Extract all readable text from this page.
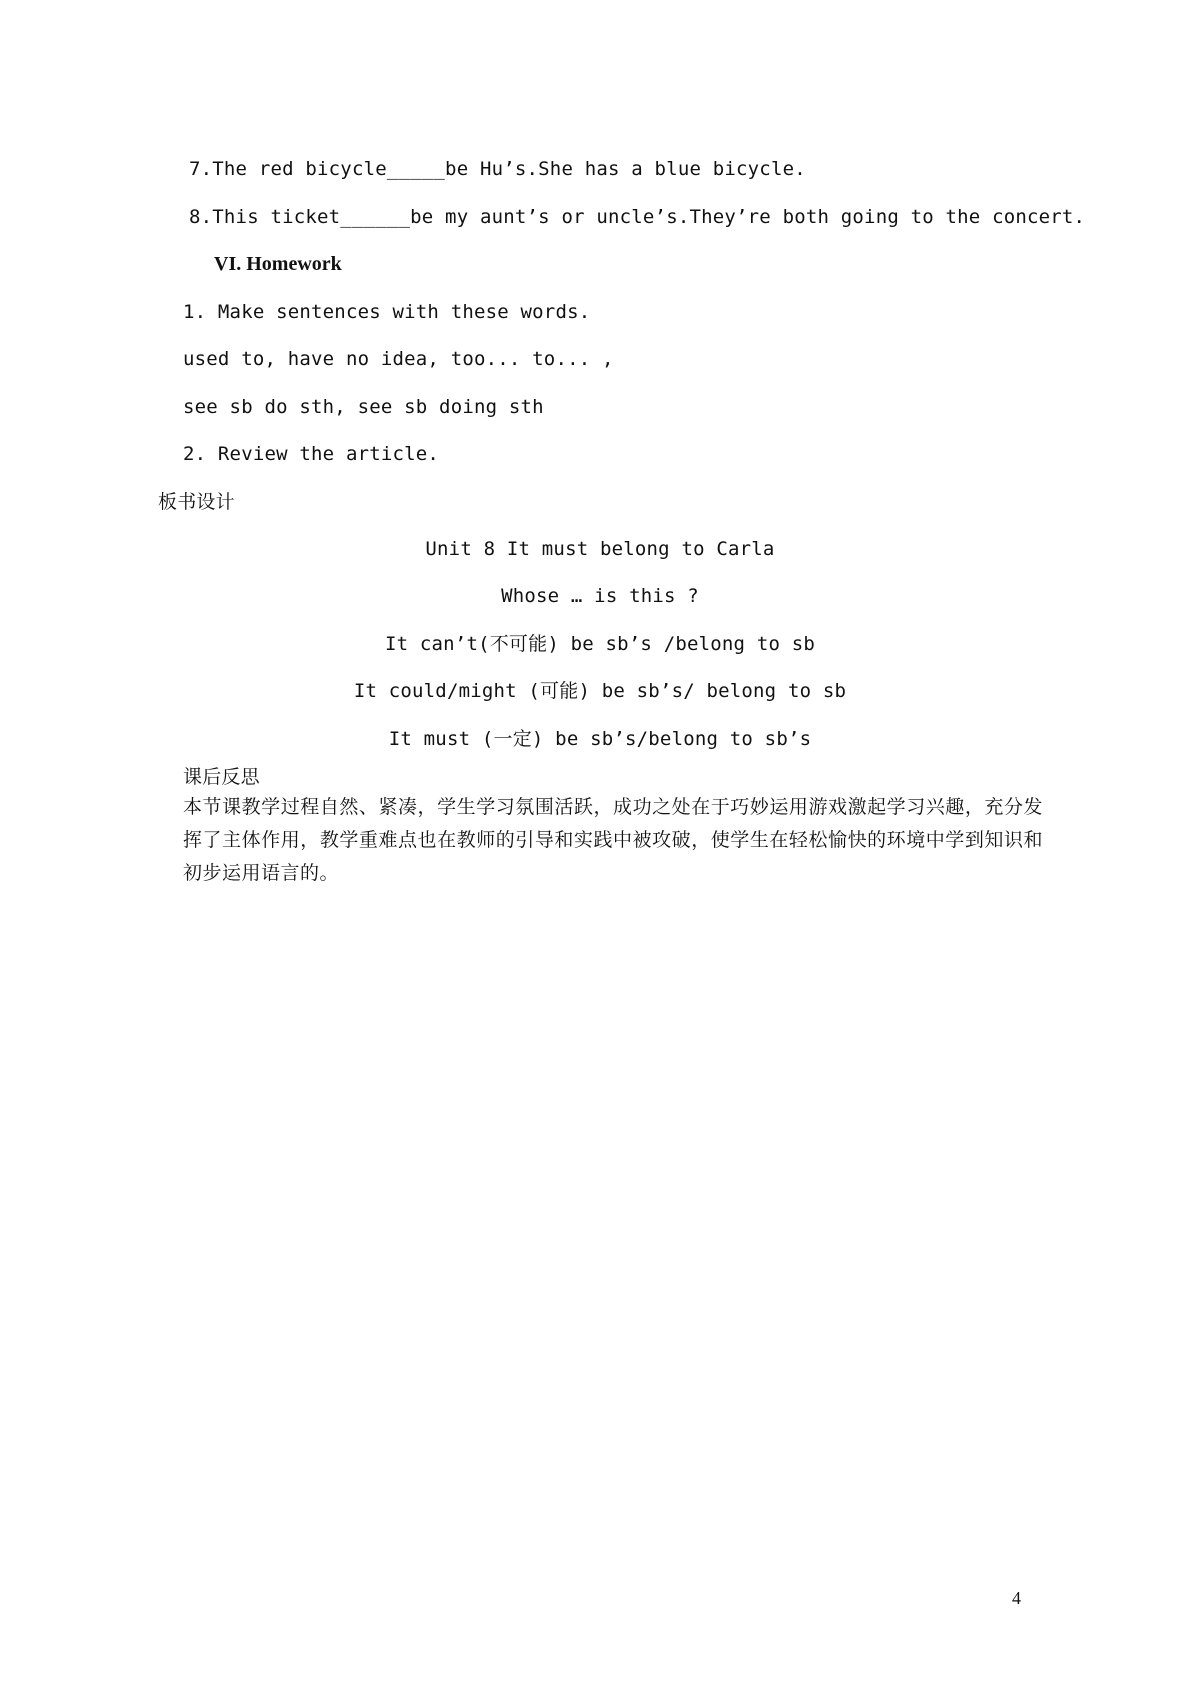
7.The red bicycle_____be Hu’s.She has a blue bicycle.
8.This ticket______be my aunt’s or uncle’s.They’re both going to the concert.
VI. Homework
1. Make sentences with these words.
used to, have no idea, too... to... ,
see sb do sth, see sb doing sth
2. Review the article.
板书设计
Unit 8 It must belong to Carla
Whose … is this ?
It can’t(不可能) be sb’s /belong to sb
It could/might (可能) be sb’s/ belong to sb
It must (一定) be sb’s/belong to sb’s
课后反思
本节课教学过程自然、紧凑，学生学习氛围活跃，成功之处在于巧妙运用游戏激起学习兴趣，充分发挥了主体作用，教学重难点也在教师的引导和实践中被攻破，使学生在轻松愉快的环境中学到知识和初步运用语言的。
4
